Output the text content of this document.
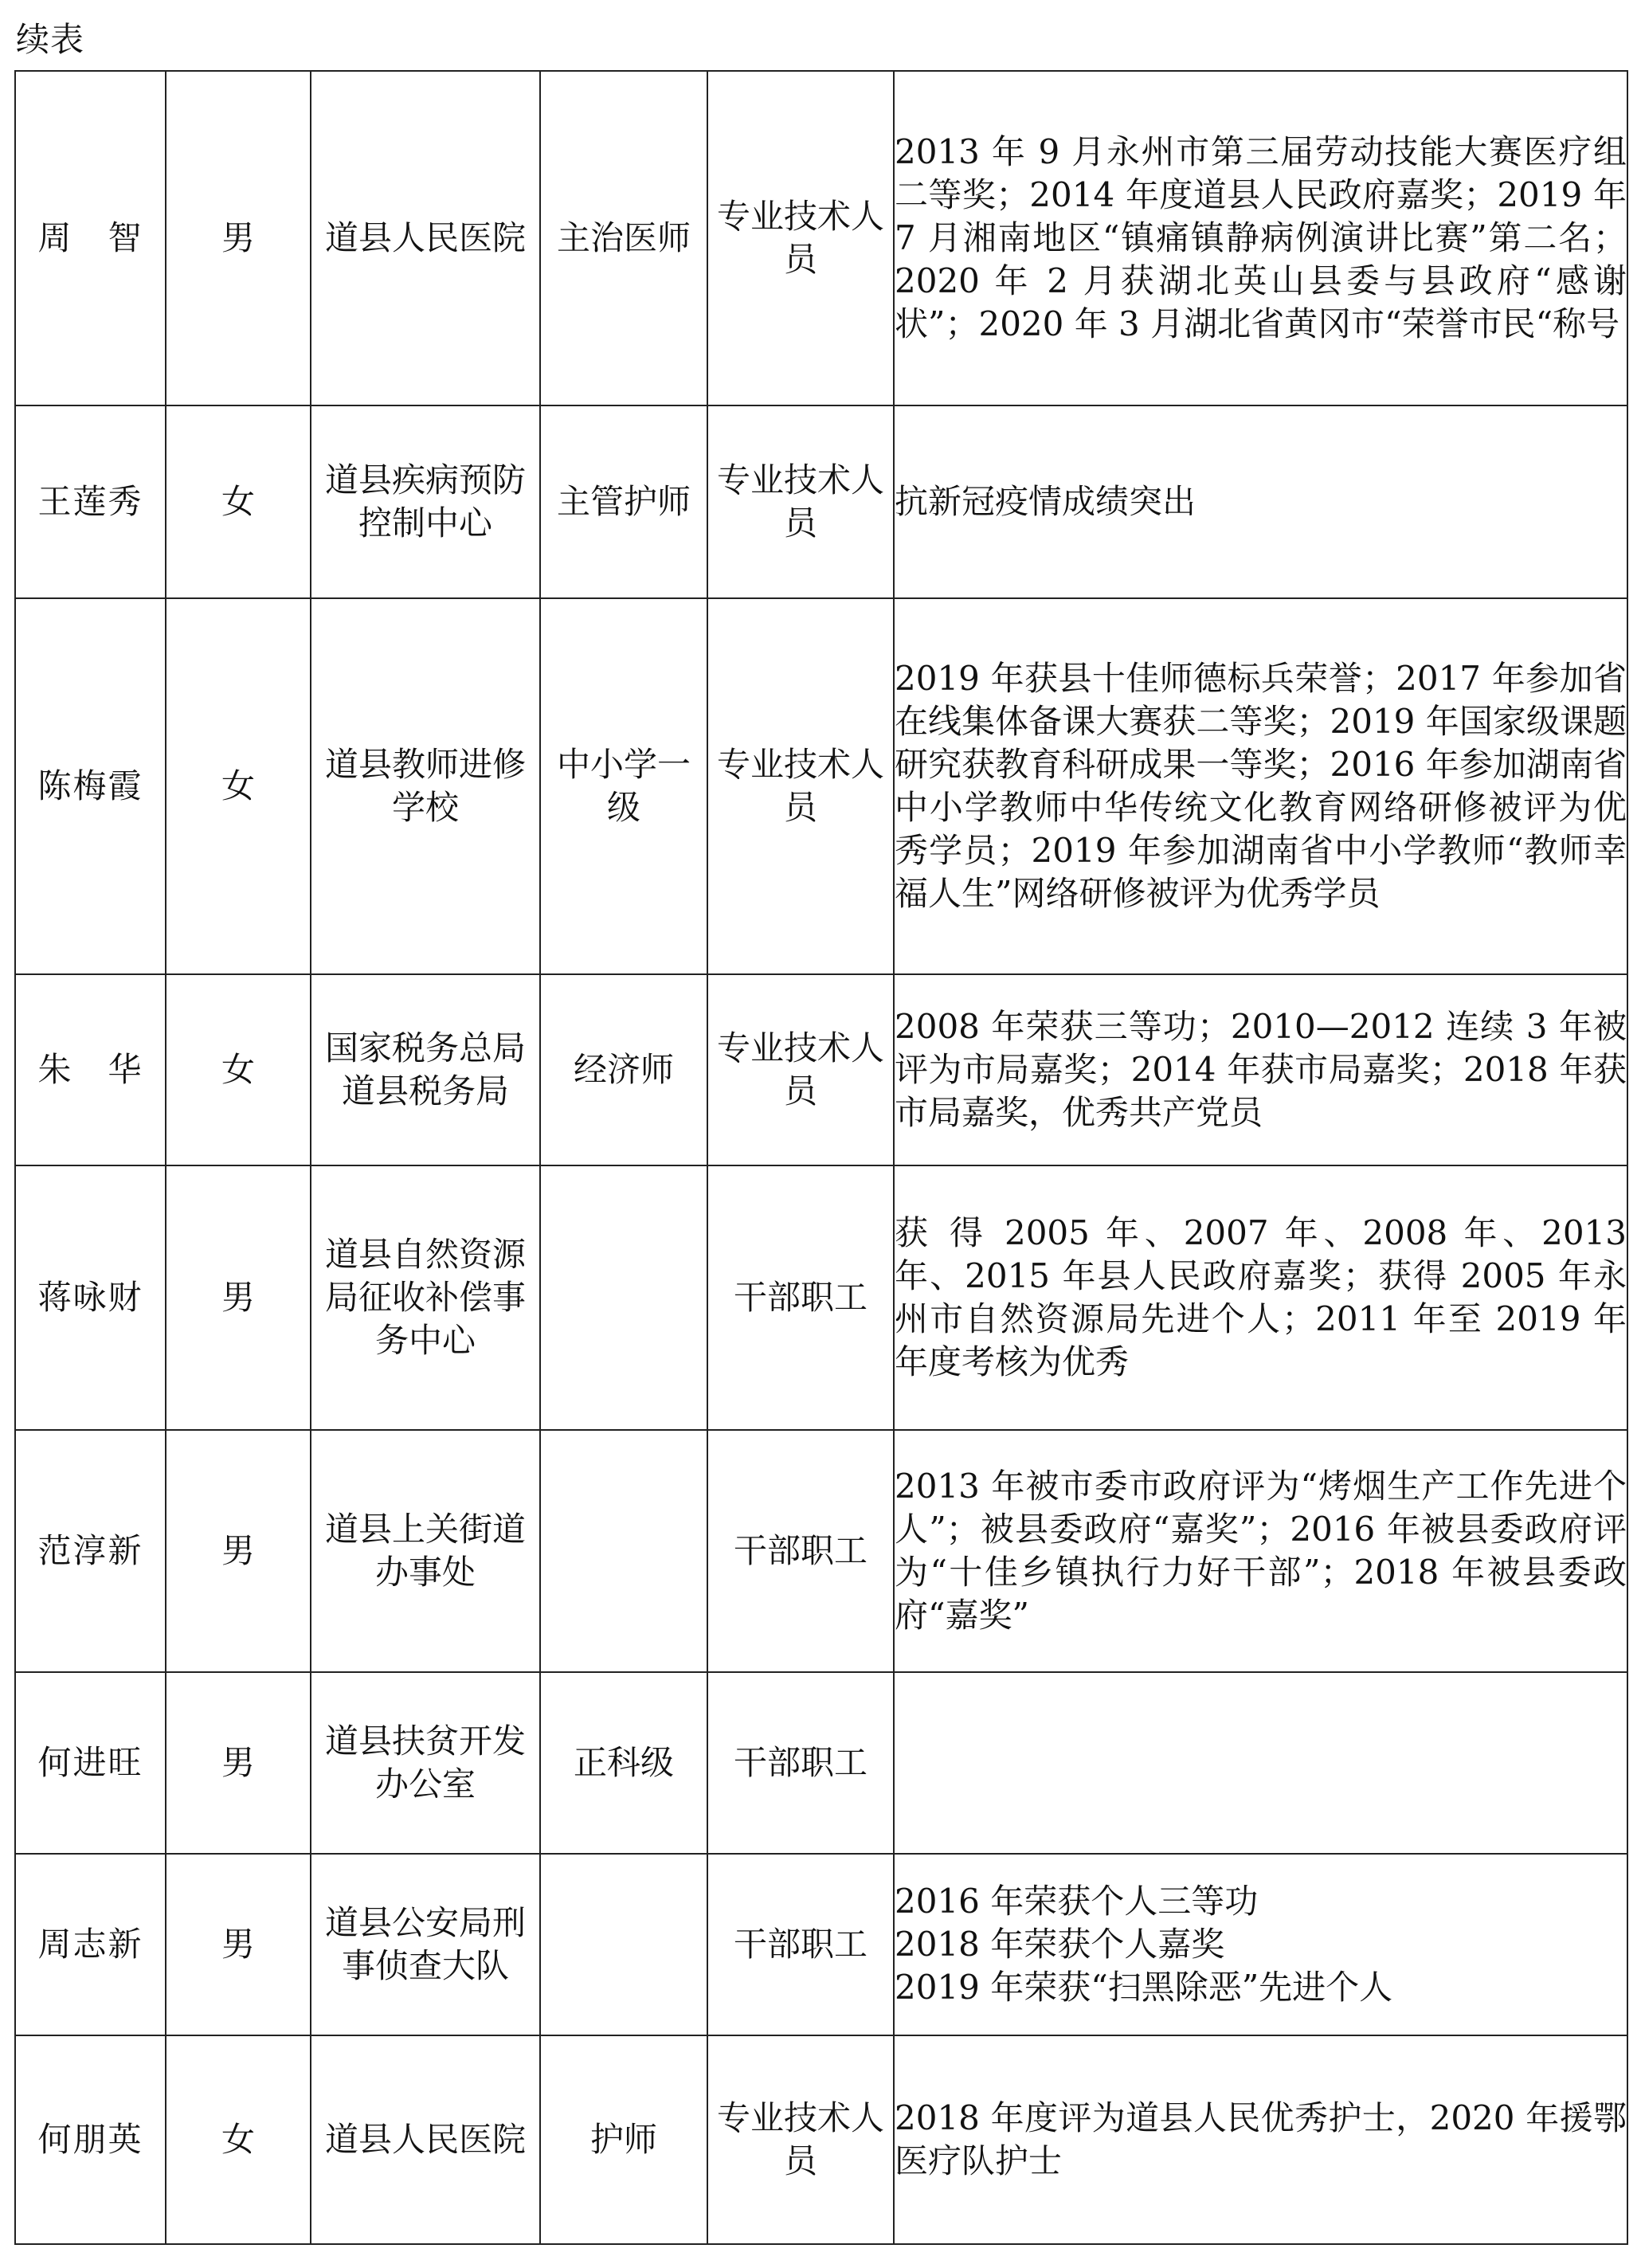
续表
周　智	男	道县人民医院	主治医师	专业技术人员	2013 年 9 月永州市第三届劳动技能大赛医疗组二等奖；2014 年度道县人民政府嘉奖；2019 年 7 月湘南地区“镇痛镇静病例演讲比赛”第二名；2020 年 2 月获湖北英山县委与县政府“感谢状”；2020 年 3 月湖北省黄冈市“荣誉市民“称号

王莲秀	女	道县疾病预防控制中心	主管护师	专业技术人员	抗新冠疫情成绩突出

陈梅霞	女	道县教师进修学校	中小学一级	专业技术人员	2019 年获县十佳师德标兵荣誉；2017 年参加省在线集体备课大赛获二等奖；2019 年国家级课题研究获教育科研成果一等奖；2016 年参加湖南省中小学教师中华传统文化教育网络研修被评为优秀学员；2019 年参加湖南省中小学教师“教师幸福人生”网络研修被评为优秀学员

朱　华	女	国家税务总局道县税务局	经济师	专业技术人员	2008 年荣获三等功；2010—2012 连续 3 年被评为市局嘉奖；2014 年获市局嘉奖；2018 年获市局嘉奖，优秀共产党员

蒋咏财	男	道县自然资源局征收补偿事务中心		干部职工	获 得 2005 年、2007 年、2008 年、2013 年、2015 年县人民政府嘉奖；获得 2005 年永州市自然资源局先进个人；2011 年至 2019 年年度考核为优秀

范淳新	男	道县上关街道办事处		干部职工	2013 年被市委市政府评为“烤烟生产工作先进个人”；被县委政府“嘉奖”；2016 年被县委政府评为“十佳乡镇执行力好干部”；2018 年被县委政府“嘉奖”

何进旺	男	道县扶贫开发办公室	正科级	干部职工	
周志新	男	道县公安局刑事侦查大队		干部职工	2016 年荣获个人三等功
2018 年荣获个人嘉奖
2019 年荣获“扫黑除恶”先进个人

何朋英	女	道县人民医院	护师	专业技术人员	2018 年度评为道县人民优秀护士，2020 年援鄂医疗队护士
